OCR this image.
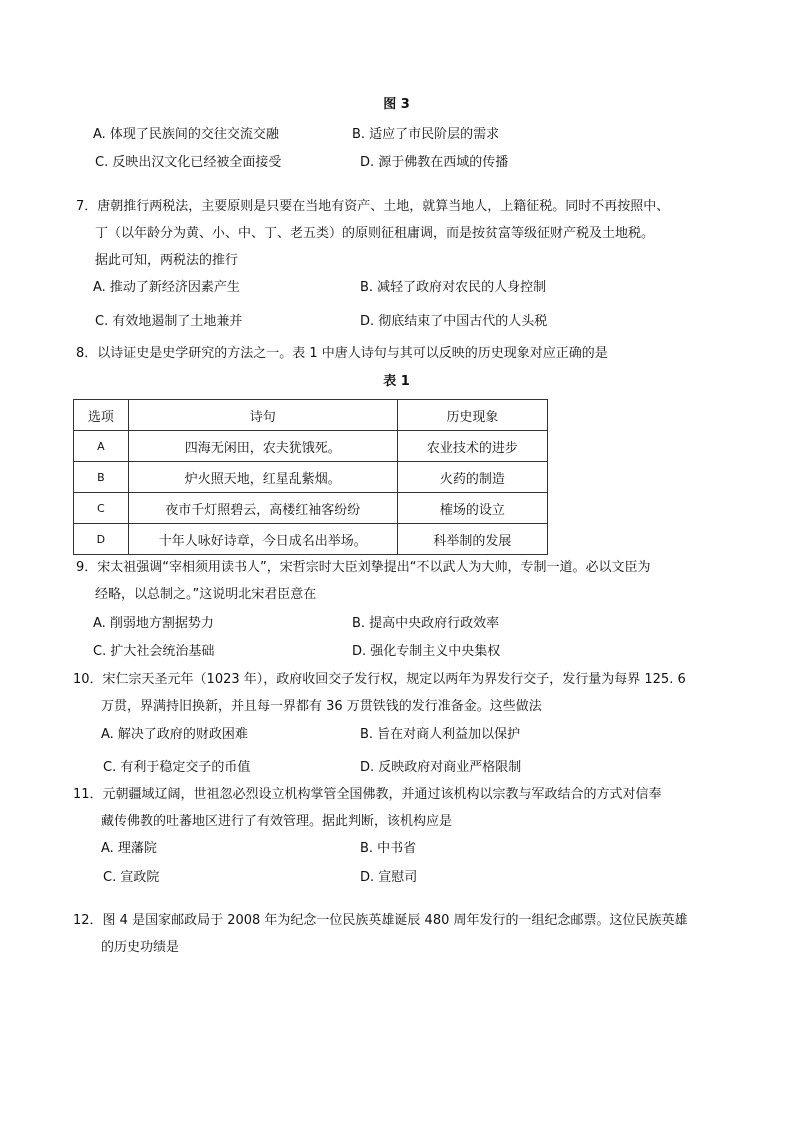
图 3
A. 体现了民族间的交往交流交融	B. 适应了市民阶层的需求
C. 反映出汉文化已经被全面接受	D. 源于佛教在西域的传播
7．唐朝推行两税法，主要原则是只要在当地有资产、土地，就算当地人，上籍征税。同时不再按照中、
丁（以年龄分为黄、小、中、丁、老五类）的原则征租庸调，而是按贫富等级征财产税及土地税。
据此可知，两税法的推行
A. 推动了新经济因素产生	B. 减轻了政府对农民的人身控制
C. 有效地遏制了土地兼并	D. 彻底结束了中国古代的人头税
8．以诗证史是史学研究的方法之一。表 1 中唐人诗句与其可以反映的历史现象对应正确的是
表 1
选项	诗句	历史现象
A	四海无闲田，农夫犹饿死。	农业技术的进步
B	炉火照天地，红星乱紫烟。	火药的制造
C	夜市千灯照碧云，高楼红袖客纷纷	榷场的设立
D	十年人咏好诗章，今日成名出举场。	科举制的发展
9．宋太祖强调“宰相须用读书人”，宋哲宗时大臣刘挚提出“不以武人为大帅，专制一道。必以文臣为
经略，以总制之。”这说明北宋君臣意在
A. 削弱地方割据势力	B. 提高中央政府行政效率
C. 扩大社会统治基础	D. 强化专制主义中央集权
10．宋仁宗天圣元年（1023 年），政府收回交子发行权，规定以两年为界发行交子，发行量为每界 125. 6
万贯，界满持旧换新，并且每一界都有 36 万贯铁钱的发行准备金。这些做法
A. 解决了政府的财政困难	B. 旨在对商人利益加以保护
C. 有利于稳定交子的币值	D. 反映政府对商业严格限制
11．元朝疆域辽阔，世祖忽必烈设立机构掌管全国佛教，并通过该机构以宗教与军政结合的方式对信奉
藏传佛教的吐蕃地区进行了有效管理。据此判断，该机构应是
A. 理藩院	B. 中书省
C. 宣政院	D. 宣慰司
12．图 4 是国家邮政局于 2008 年为纪念一位民族英雄诞辰 480 周年发行的一组纪念邮票。这位民族英雄
的历史功绩是
